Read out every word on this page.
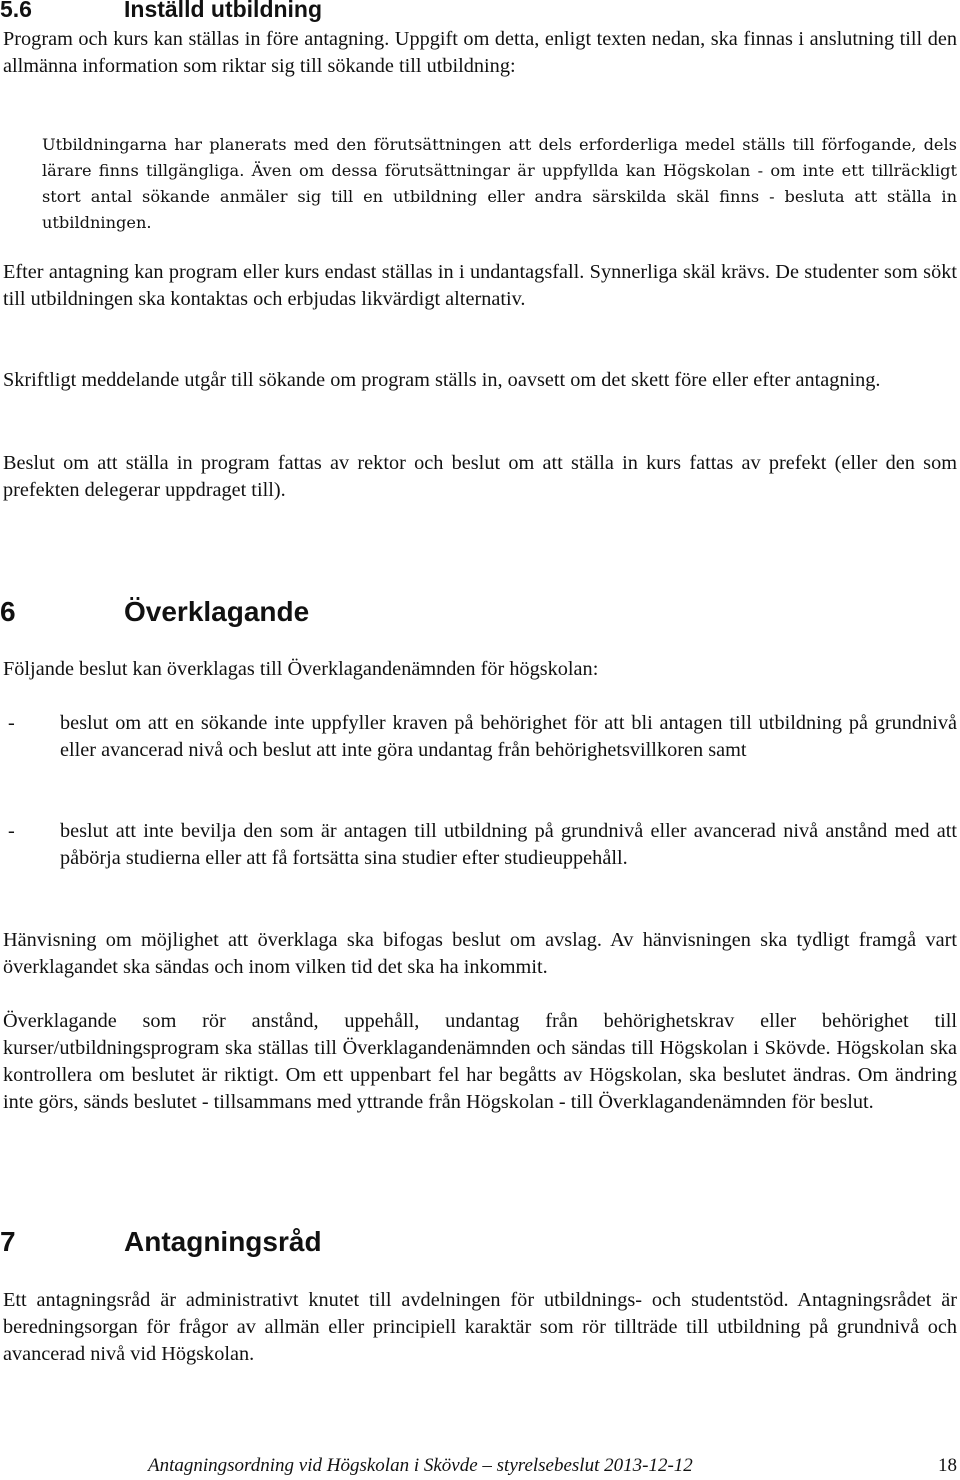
5.6	Inställd utbildning

Program och kurs kan ställas in före antagning. Uppgift om detta, enligt texten nedan, ska finnas i anslutning till den allmänna information som riktar sig till sökande till utbildning:

Utbildningarna har planerats med den förutsättningen att dels erforderliga medel ställs till förfogande, dels lärare finns tillgängliga. Även om dessa förutsättningar är uppfyllda kan Högskolan - om inte ett tillräckligt stort antal sökande anmäler sig till en utbildning eller andra särskilda skäl finns - besluta att ställa in utbildningen.

Efter antagning kan program eller kurs endast ställas in i undantagsfall. Synnerliga skäl krävs. De studenter som sökt till utbildningen ska kontaktas och erbjudas likvärdigt alternativ.

Skriftligt meddelande utgår till sökande om program ställs in, oavsett om det skett före eller efter antagning.

Beslut om att ställa in program fattas av rektor och beslut om att ställa in kurs fattas av prefekt (eller den som prefekten delegerar uppdraget till).

6	Överklagande

Följande beslut kan överklagas till Överklagandenämnden för högskolan:

- beslut om att en sökande inte uppfyller kraven på behörighet för att bli antagen till utbildning på grundnivå eller avancerad nivå och beslut att inte göra undantag från behörighetsvillkoren samt

- beslut att inte bevilja den som är antagen till utbildning på grundnivå eller avancerad nivå anstånd med att påbörja studierna eller att få fortsätta sina studier efter studieuppehåll.

Hänvisning om möjlighet att överklaga ska bifogas beslut om avslag. Av hänvisningen ska tydligt framgå vart överklagandet ska sändas och inom vilken tid det ska ha inkommit.

Överklagande som rör anstånd, uppehåll, undantag från behörighetskrav eller behörighet till kurser/utbildningsprogram ska ställas till Överklagandenämnden och sändas till Högskolan i Skövde. Högskolan ska kontrollera om beslutet är riktigt. Om ett uppenbart fel har begåtts av Högskolan, ska beslutet ändras. Om ändring inte görs, sänds beslutet - tillsammans med yttrande från Högskolan - till Överklagandenämnden för beslut.

7	Antagningsråd

Ett antagningsråd är administrativt knutet till avdelningen för utbildnings- och studentstöd. Antagningsrådet är beredningsorgan för frågor av allmän eller principiell karaktär som rör tillträde till utbildning på grundnivå och avancerad nivå vid Högskolan.

Antagningsordning vid Högskolan i Skövde – styrelsebeslut 2013-12-12	18
